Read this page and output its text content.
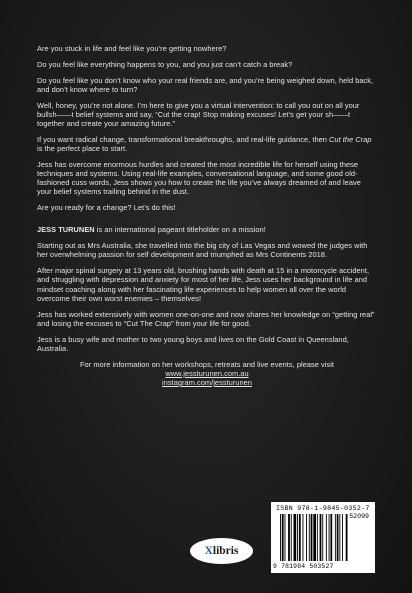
Are you stuck in life and feel like you’re getting nowhere?

Do you feel like everything happens to you, and you just can’t catch a break?

Do you feel like you don’t know who your real friends are, and you’re being weighed down, held back, and don’t know where to turn?

Well, honey, you’re not alone. I’m here to give you a virtual intervention: to call you out on all your bullsh——t belief systems and say, “Cut the crap! Stop making excuses! Let’s get your sh——t together and create your amazing future.”

If you want radical change, transformational breakthroughs, and real-life guidance, then Cut the Crap is the perfect place to start.

Jess has overcome enormous hurdles and created the most incredible life for herself using these techniques and systems. Using real-life examples, conversational language, and some good old-fashioned cuss words, Jess shows you how to create the life you’ve always dreamed of and leave your belief systems trailing behind in the dust.

Are you ready for a change? Let’s do this!

JESS TURUNEN is an international pageant titleholder on a mission!

Starting out as Mrs Australia, she travelled into the big city of Las Vegas and wowed the judges with her overwhelming passion for self development and triumphed as Mrs Continents 2018.

After major spinal surgery at 13 years old, brushing hands with death at 15 in a motorcycle accident, and struggling with depression and anxiety for most of her life, Jess uses her background in life and mindset coaching along with her fascinating life experiences to help women all over the world overcome their own worst enemies – themselves!

Jess has worked extensively with women one-on-one and now shares her knowledge on “getting real” and losing the excuses to “Cut The Crap” from your life for good.

Jess is a busy wife and mother to two young boys and lives on the Gold Coast in Queensland, Australia.

For more information on her workshops, retreats and live events, please visit

www.jessturunen.com.au
instagram.com/jessturunen
X libris
ISBN 978-1-9845-0352-7
52099
9 781984 503527
